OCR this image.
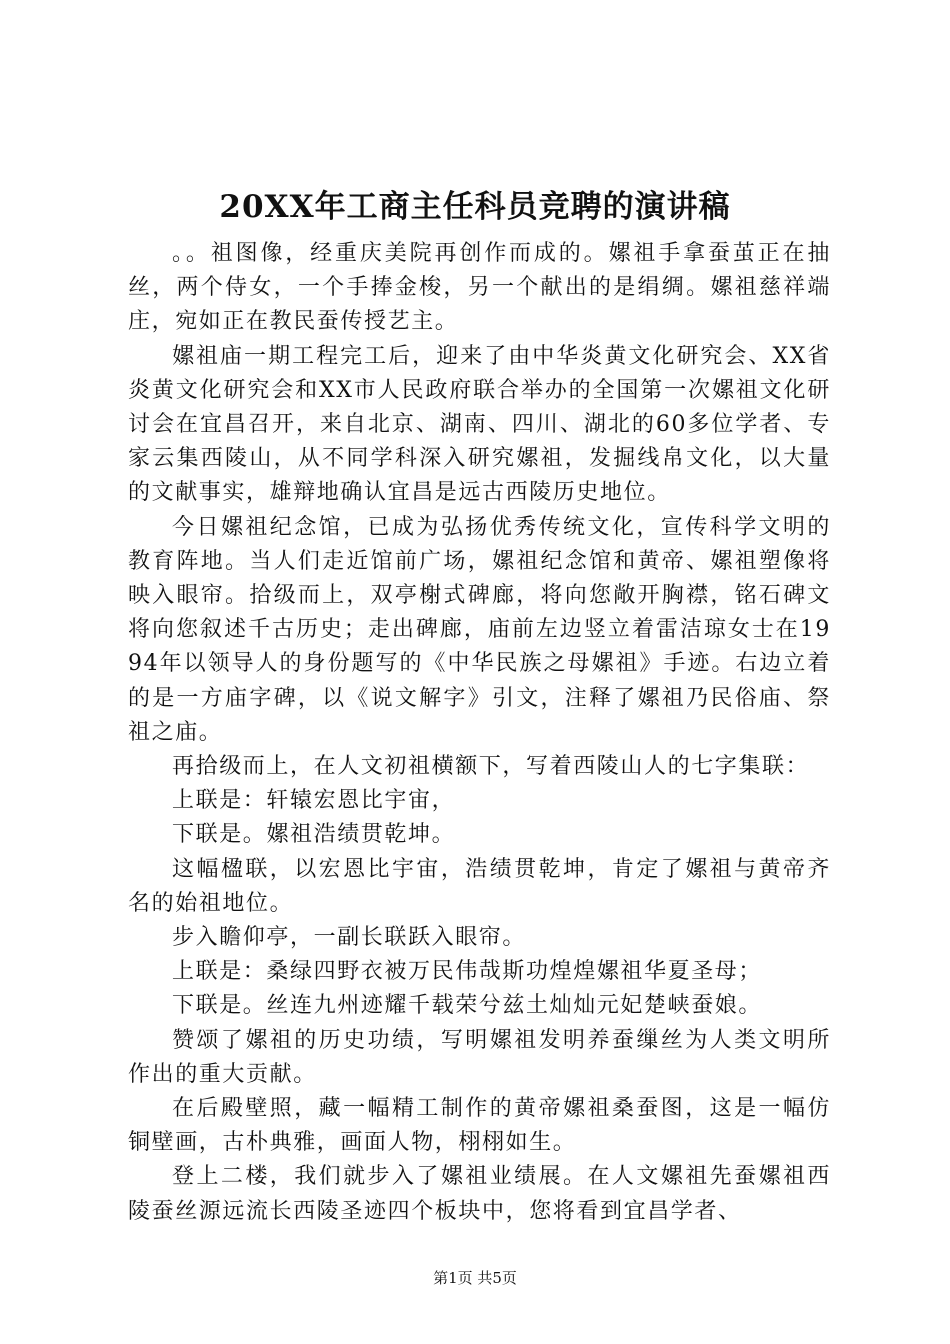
20XX年工商主任科员竞聘的演讲稿

。。祖图像，经重庆美院再创作而成的。嫘祖手拿蚕茧正在抽丝，两个侍女，一个手捧金梭，另一个献出的是绢绸。嫘祖慈祥端庄，宛如正在教民蚕传授艺主。

嫘祖庙一期工程完工后，迎来了由中华炎黄文化研究会、XX省炎黄文化研究会和XX市人民政府联合举办的全国第一次嫘祖文化研讨会在宜昌召开，来自北京、湖南、四川、湖北的60多位学者、专家云集西陵山，从不同学科深入研究嫘祖，发掘线帛文化，以大量的文献事实，雄辩地确认宜昌是远古西陵历史地位。

今日嫘祖纪念馆，已成为弘扬优秀传统文化，宣传科学文明的教育阵地。当人们走近馆前广场，嫘祖纪念馆和黄帝、嫘祖塑像将映入眼帘。拾级而上，双亭榭式碑廊，将向您敞开胸襟，铭石碑文将向您叙述千古历史；走出碑廊，庙前左边竖立着雷洁琼女士在1994年以领导人的身份题写的《中华民族之母嫘祖》手迹。右边立着的是一方庙字碑，以《说文解字》引文，注释了嫘祖乃民俗庙、祭祖之庙。

再拾级而上，在人文初祖横额下，写着西陵山人的七字集联：

上联是：轩辕宏恩比宇宙，

下联是。嫘祖浩绩贯乾坤。

这幅楹联，以宏恩比宇宙，浩绩贯乾坤，肯定了嫘祖与黄帝齐名的始祖地位。

步入瞻仰亭，一副长联跃入眼帘。

上联是：桑绿四野衣被万民伟哉斯功煌煌嫘祖华夏圣母；

下联是。丝连九州迹耀千载荣兮兹土灿灿元妃楚峡蚕娘。

赞颂了嫘祖的历史功绩，写明嫘祖发明养蚕缫丝为人类文明所作出的重大贡献。

在后殿壁照，藏一幅精工制作的黄帝嫘祖桑蚕图，这是一幅仿铜壁画，古朴典雅，画面人物，栩栩如生。

登上二楼，我们就步入了嫘祖业绩展。在人文嫘祖先蚕嫘祖西陵蚕丝源远流长西陵圣迹四个板块中，您将看到宜昌学者、

第1页 共5页
